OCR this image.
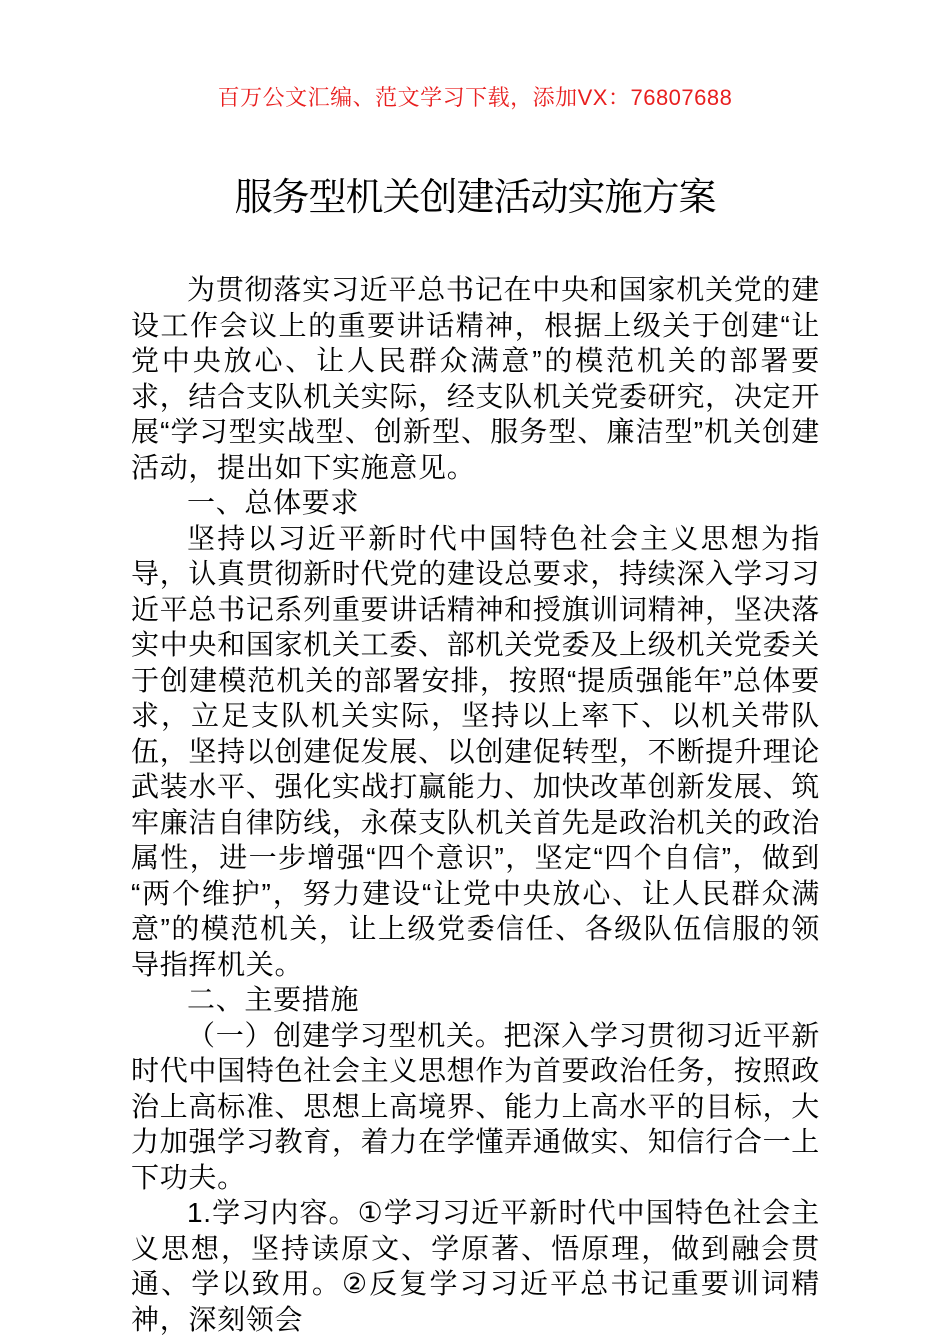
百万公文汇编、范文学习下载，添加VX：76807688
服务型机关创建活动实施方案

为贯彻落实习近平总书记在中央和国家机关党的建设工作会议上的重要讲话精神，根据上级关于创建“让党中央放心、让人民群众满意”的模范机关的部署要求，结合支队机关实际，经支队机关党委研究，决定开展“学习型实战型、创新型、服务型、廉洁型”机关创建活动，提出如下实施意见。

一、总体要求

坚持以习近平新时代中国特色社会主义思想为指导，认真贯彻新时代党的建设总要求，持续深入学习习近平总书记系列重要讲话精神和授旗训词精神，坚决落实中央和国家机关工委、部机关党委及上级机关党委关于创建模范机关的部署安排，按照“提质强能年”总体要求，立足支队机关实际，坚持以上率下、以机关带队伍，坚持以创建促发展、以创建促转型，不断提升理论武装水平、强化实战打赢能力、加快改革创新发展、筑牢廉洁自律防线，永葆支队机关首先是政治机关的政治属性，进一步增强“四个意识”，坚定“四个自信”，做到“两个维护”，努力建设“让党中央放心、让人民群众满意”的模范机关，让上级党委信任、各级队伍信服的领导指挥机关。

二、主要措施

（一）创建学习型机关。把深入学习贯彻习近平新时代中国特色社会主义思想作为首要政治任务，按照政治上高标准、思想上高境界、能力上高水平的目标，大力加强学习教育，着力在学懂弄通做实、知信行合一上下功夫。

1.学习内容。①学习习近平新时代中国特色社会主义思想，坚持读原文、学原著、悟原理，做到融会贯通、学以致用。②反复学习习近平总书记重要训词精神，深刻领会
